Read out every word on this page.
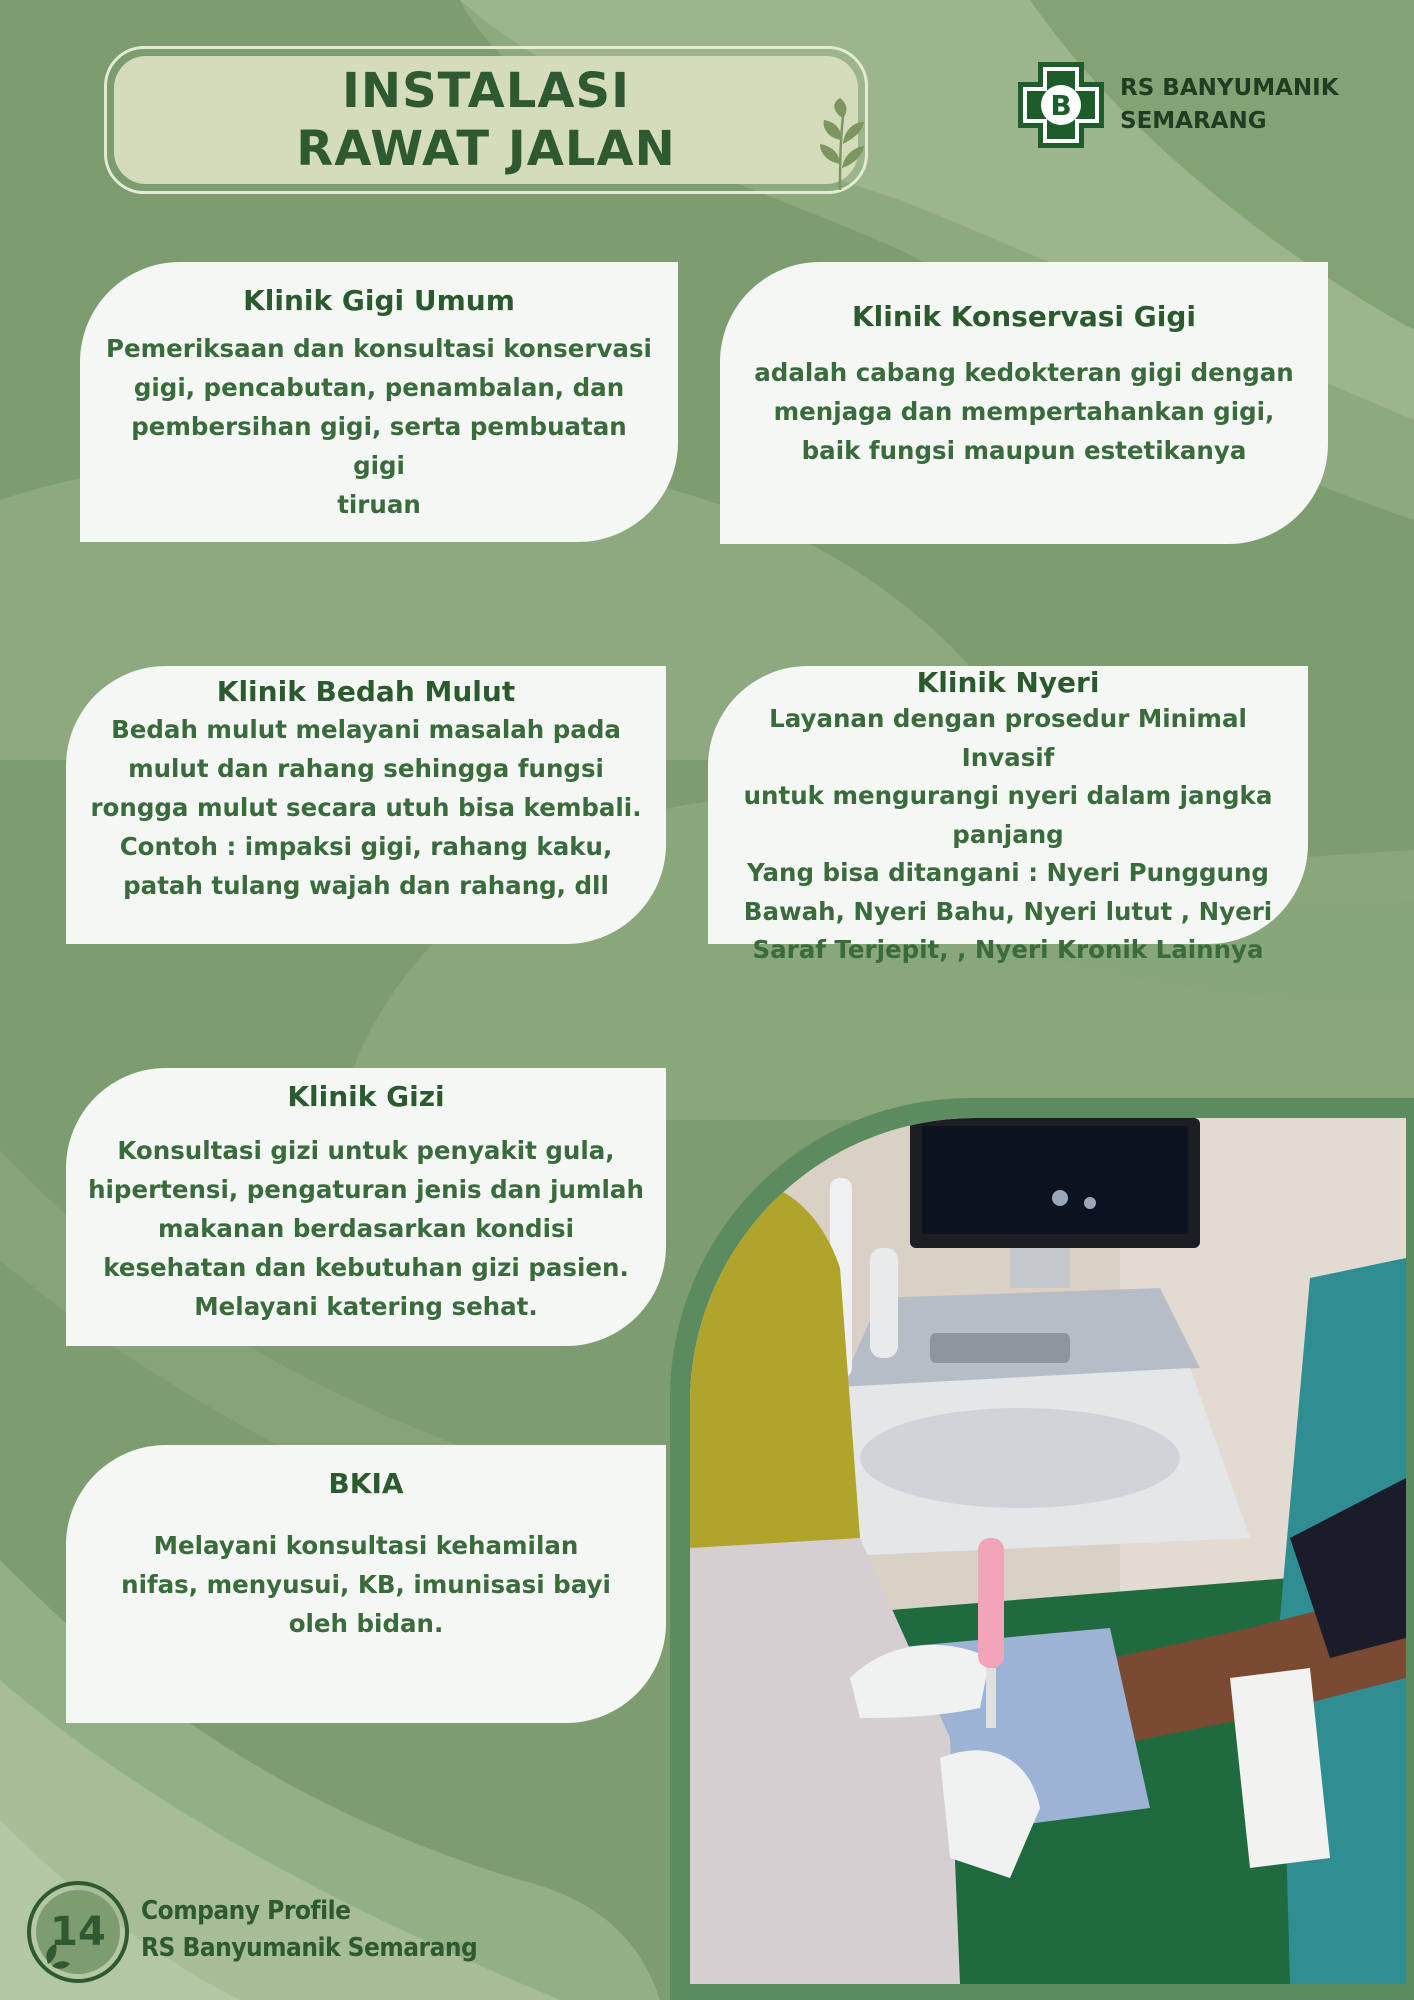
INSTALASI
RAWAT JALAN
B
RS BANYUMANIK
SEMARANG
Klinik Gigi Umum
Pemeriksaan dan konsultasi konservasi
gigi, pencabutan, penambalan, dan
pembersihan gigi, serta pembuatan gigi
tiruan
Klinik Konservasi Gigi
adalah cabang kedokteran gigi dengan
menjaga dan mempertahankan gigi,
baik fungsi maupun estetikanya
Klinik Bedah Mulut
Bedah mulut melayani masalah pada
mulut dan rahang sehingga fungsi
rongga mulut secara utuh bisa kembali.
Contoh : impaksi gigi, rahang kaku,
patah tulang wajah dan rahang, dll
Klinik Nyeri
Layanan dengan prosedur Minimal Invasif
untuk mengurangi nyeri dalam jangka
panjang
Yang bisa ditangani : Nyeri Punggung
Bawah, Nyeri Bahu, Nyeri lutut , Nyeri
Saraf Terjepit, , Nyeri Kronik Lainnya
Klinik Gizi
Konsultasi gizi untuk penyakit gula,
hipertensi, pengaturan jenis dan jumlah
makanan berdasarkan kondisi
kesehatan dan kebutuhan gizi pasien.
Melayani katering sehat.
BKIA
Melayani konsultasi kehamilan
nifas, menyusui, KB, imunisasi bayi
oleh bidan.
14	Company Profile
RS Banyumanik Semarang
